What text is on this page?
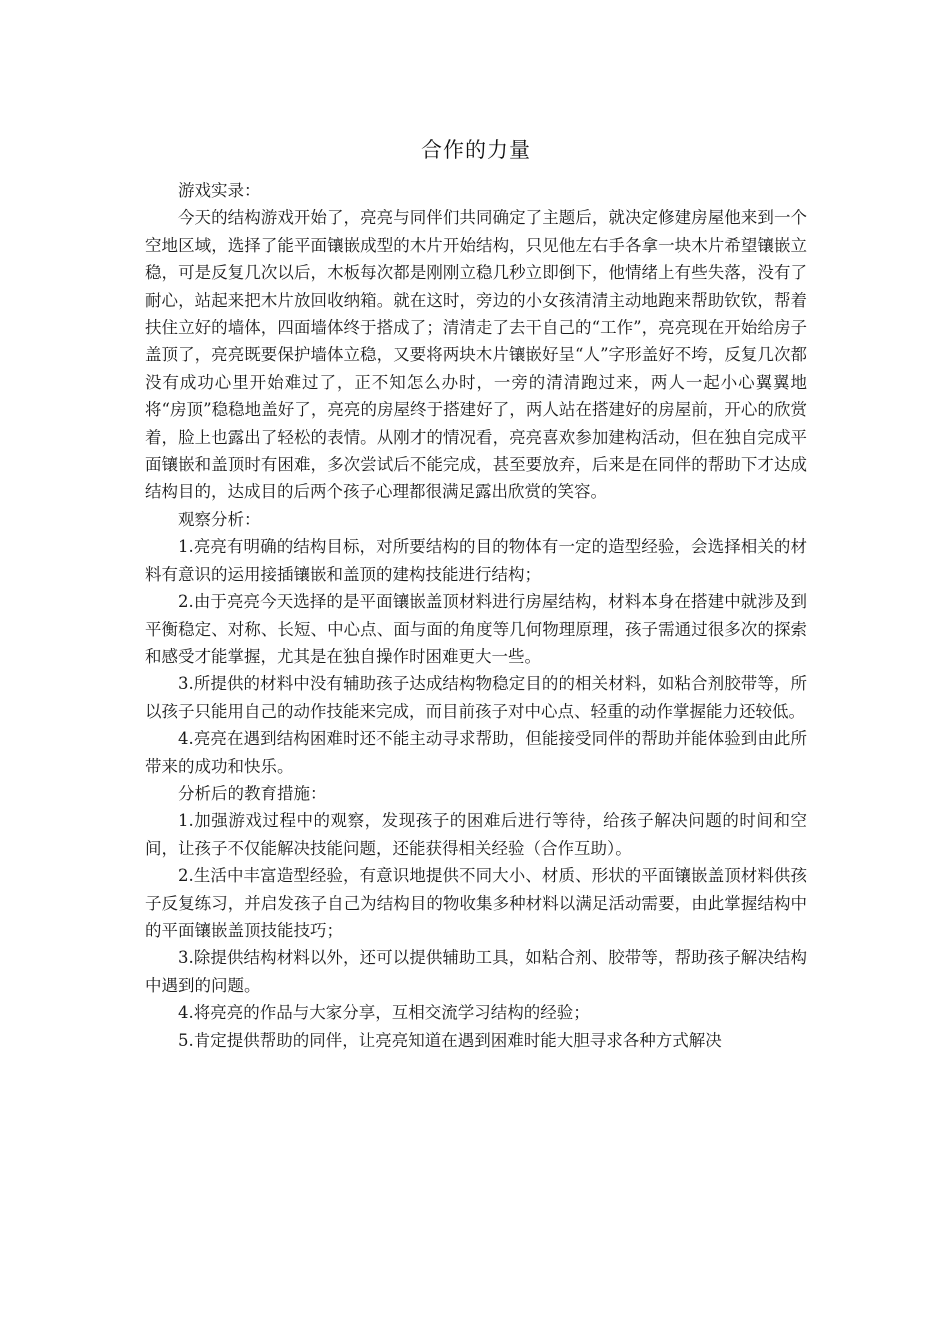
合作的力量

游戏实录：

今天的结构游戏开始了，亮亮与同伴们共同确定了主题后，就决定修建房屋他来到一个空地区域，选择了能平面镶嵌成型的木片开始结构，只见他左右手各拿一块木片希望镶嵌立稳，可是反复几次以后，木板每次都是刚刚立稳几秒立即倒下，他情绪上有些失落，没有了耐心，站起来把木片放回收纳箱。就在这时，旁边的小女孩清清主动地跑来帮助钦钦，帮着扶住立好的墙体，四面墙体终于搭成了；清清走了去干自己的“工作”，亮亮现在开始给房子盖顶了，亮亮既要保护墙体立稳，又要将两块木片镶嵌好呈“人”字形盖好不垮，反复几次都没有成功心里开始难过了，正不知怎么办时，一旁的清清跑过来，两人一起小心翼翼地将“房顶”稳稳地盖好了，亮亮的房屋终于搭建好了，两人站在搭建好的房屋前，开心的欣赏着，脸上也露出了轻松的表情。从刚才的情况看，亮亮喜欢参加建构活动，但在独自完成平面镶嵌和盖顶时有困难，多次尝试后不能完成，甚至要放弃，后来是在同伴的帮助下才达成结构目的，达成目的后两个孩子心理都很满足露出欣赏的笑容。

观察分析：

1.亮亮有明确的结构目标，对所要结构的目的物体有一定的造型经验，会选择相关的材料有意识的运用接插镶嵌和盖顶的建构技能进行结构；

2.由于亮亮今天选择的是平面镶嵌盖顶材料进行房屋结构，材料本身在搭建中就涉及到平衡稳定、对称、长短、中心点、面与面的角度等几何物理原理，孩子需通过很多次的探索和感受才能掌握，尤其是在独自操作时困难更大一些。

3.所提供的材料中没有辅助孩子达成结构物稳定目的的相关材料，如粘合剂胶带等，所以孩子只能用自己的动作技能来完成，而目前孩子对中心点、轻重的动作掌握能力还较低。

4.亮亮在遇到结构困难时还不能主动寻求帮助，但能接受同伴的帮助并能体验到由此所带来的成功和快乐。

分析后的教育措施：

1.加强游戏过程中的观察，发现孩子的困难后进行等待，给孩子解决问题的时间和空间，让孩子不仅能解决技能问题，还能获得相关经验（合作互助）。

2.生活中丰富造型经验，有意识地提供不同大小、材质、形状的平面镶嵌盖顶材料供孩子反复练习，并启发孩子自己为结构目的物收集多种材料以满足活动需要，由此掌握结构中的平面镶嵌盖顶技能技巧；

3.除提供结构材料以外，还可以提供辅助工具，如粘合剂、胶带等，帮助孩子解决结构中遇到的问题。

4.将亮亮的作品与大家分享，互相交流学习结构的经验；

5.肯定提供帮助的同伴，让亮亮知道在遇到困难时能大胆寻求各种方式解决
